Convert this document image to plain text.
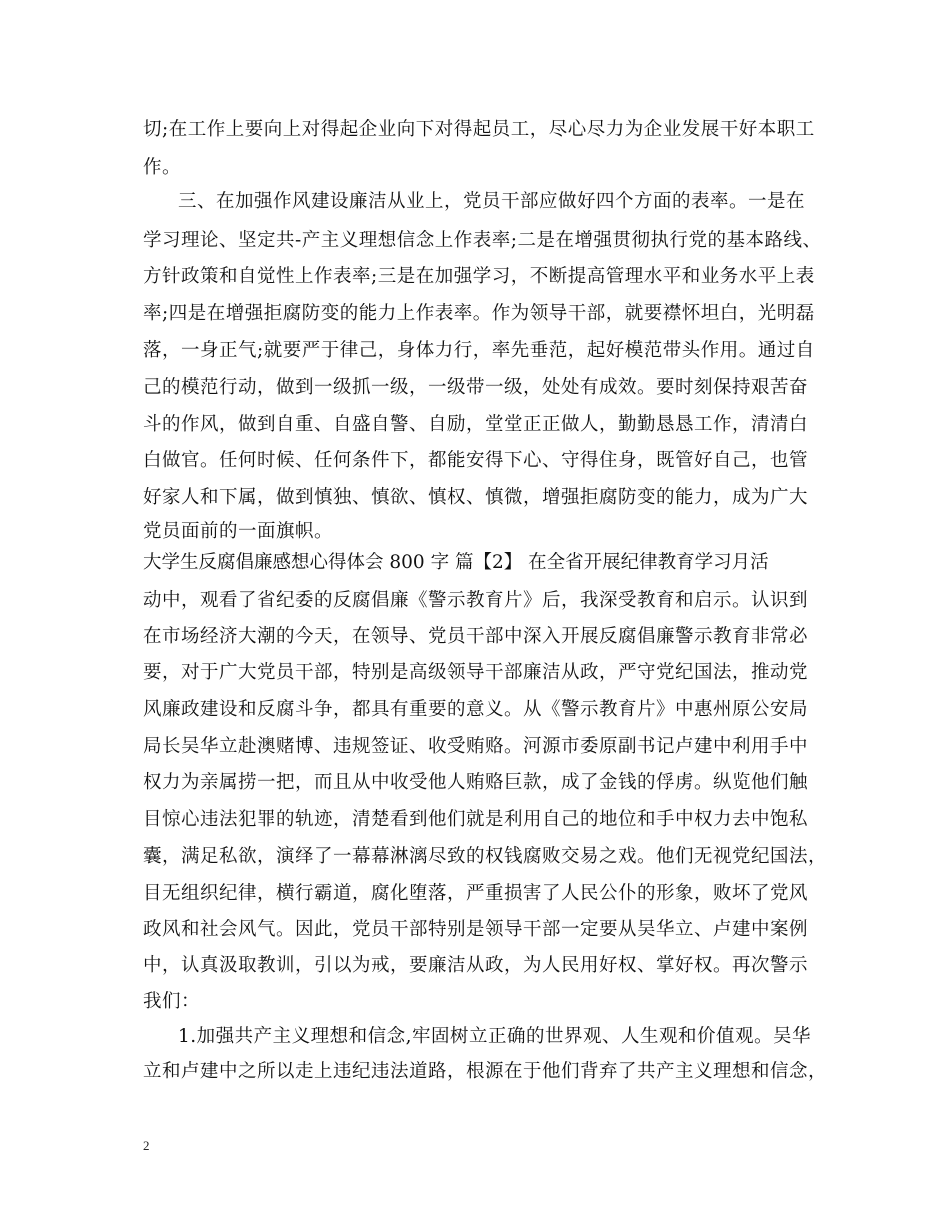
切;在工作上要向上对得起企业向下对得起员工，尽心尽力为企业发展干好本职工
作。
三、在加强作风建设廉洁从业上，党员干部应做好四个方面的表率。一是在
学习理论、坚定共-产主义理想信念上作表率;二是在增强贯彻执行党的基本路线、
方针政策和自觉性上作表率;三是在加强学习，不断提高管理水平和业务水平上表
率;四是在增强拒腐防变的能力上作表率。作为领导干部，就要襟怀坦白，光明磊
落，一身正气;就要严于律己，身体力行，率先垂范，起好模范带头作用。通过自
己的模范行动，做到一级抓一级，一级带一级，处处有成效。要时刻保持艰苦奋
斗的作风，做到自重、自盛自警、自励，堂堂正正做人，勤勤恳恳工作，清清白
白做官。任何时候、任何条件下，都能安得下心、守得住身，既管好自己，也管
好家人和下属，做到慎独、慎欲、慎权、慎微，增强拒腐防变的能力，成为广大
党员面前的一面旗帜。
大学生反腐倡廉感想心得体会 800 字 篇【2】 在全省开展纪律教育学习月活
动中，观看了省纪委的反腐倡廉《警示教育片》后，我深受教育和启示。认识到
在市场经济大潮的今天，在领导、党员干部中深入开展反腐倡廉警示教育非常必
要，对于广大党员干部，特别是高级领导干部廉洁从政，严守党纪国法，推动党
风廉政建设和反腐斗争，都具有重要的意义。从《警示教育片》中惠州原公安局
局长吴华立赴澳赌博、违规签证、收受贿赂。河源市委原副书记卢建中利用手中
权力为亲属捞一把，而且从中收受他人贿赂巨款，成了金钱的俘虏。纵览他们触
目惊心违法犯罪的轨迹，清楚看到他们就是利用自己的地位和手中权力去中饱私
囊，满足私欲，演绎了一幕幕淋漓尽致的权钱腐败交易之戏。他们无视党纪国法，
目无组织纪律，横行霸道，腐化堕落，严重损害了人民公仆的形象，败坏了党风
政风和社会风气。因此，党员干部特别是领导干部一定要从吴华立、卢建中案例
中，认真汲取教训，引以为戒，要廉洁从政，为人民用好权、掌好权。再次警示
我们：
1.加强共产主义理想和信念,牢固树立正确的世界观、人生观和价值观。吴华
立和卢建中之所以走上违纪违法道路，根源在于他们背弃了共产主义理想和信念，
2
